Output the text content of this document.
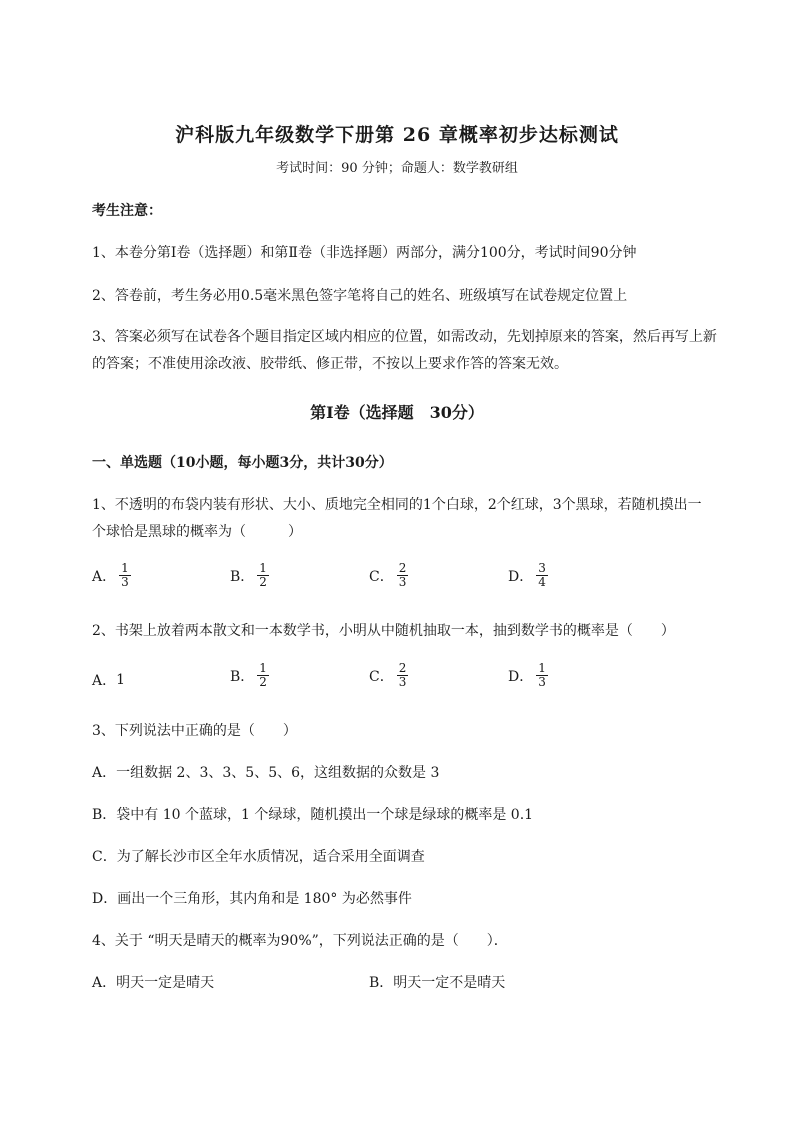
沪科版九年级数学下册第 26 章概率初步达标测试
考试时间：90 分钟；命题人：数学教研组
考生注意：
1、本卷分第Ⅰ卷（选择题）和第Ⅱ卷（非选择题）两部分，满分100分，考试时间90分钟
2、答卷前，考生务必用0.5毫米黑色签字笔将自己的姓名、班级填写在试卷规定位置上
3、答案必须写在试卷各个题目指定区域内相应的位置，如需改动，先划掉原来的答案，然后再写上新
的答案；不准使用涂改液、胶带纸、修正带，不按以上要求作答的答案无效。
第Ⅰ卷（选择题　30分）
一、单选题（10小题，每小题3分，共计30分）
1、不透明的布袋内装有形状、大小、质地完全相同的1个白球，2个红球，3个黑球，若随机摸出一
个球恰是黑球的概率为（　　　）
A． $\frac{1}{3}$	B． $\frac{1}{2}$	C． $\frac{2}{3}$	D． $\frac{3}{4}$
2、书架上放着两本散文和一本数学书，小明从中随机抽取一本，抽到数学书的概率是（　　）
A． 1	B． $\frac{1}{2}$	C． $\frac{2}{3}$	D． $\frac{1}{3}$
3、下列说法中正确的是（　　）
A．一组数据 2、3、3、5、5、6，这组数据的众数是 3
B．袋中有 10 个蓝球，1 个绿球，随机摸出一个球是绿球的概率是 0.1
C．为了解长沙市区全年水质情况，适合采用全面调查
D．画出一个三角形，其内角和是 180° 为必然事件
4、关于 “明天是晴天的概率为90%”，下列说法正确的是（　　）．
A．明天一定是晴天	B．明天一定不是晴天
